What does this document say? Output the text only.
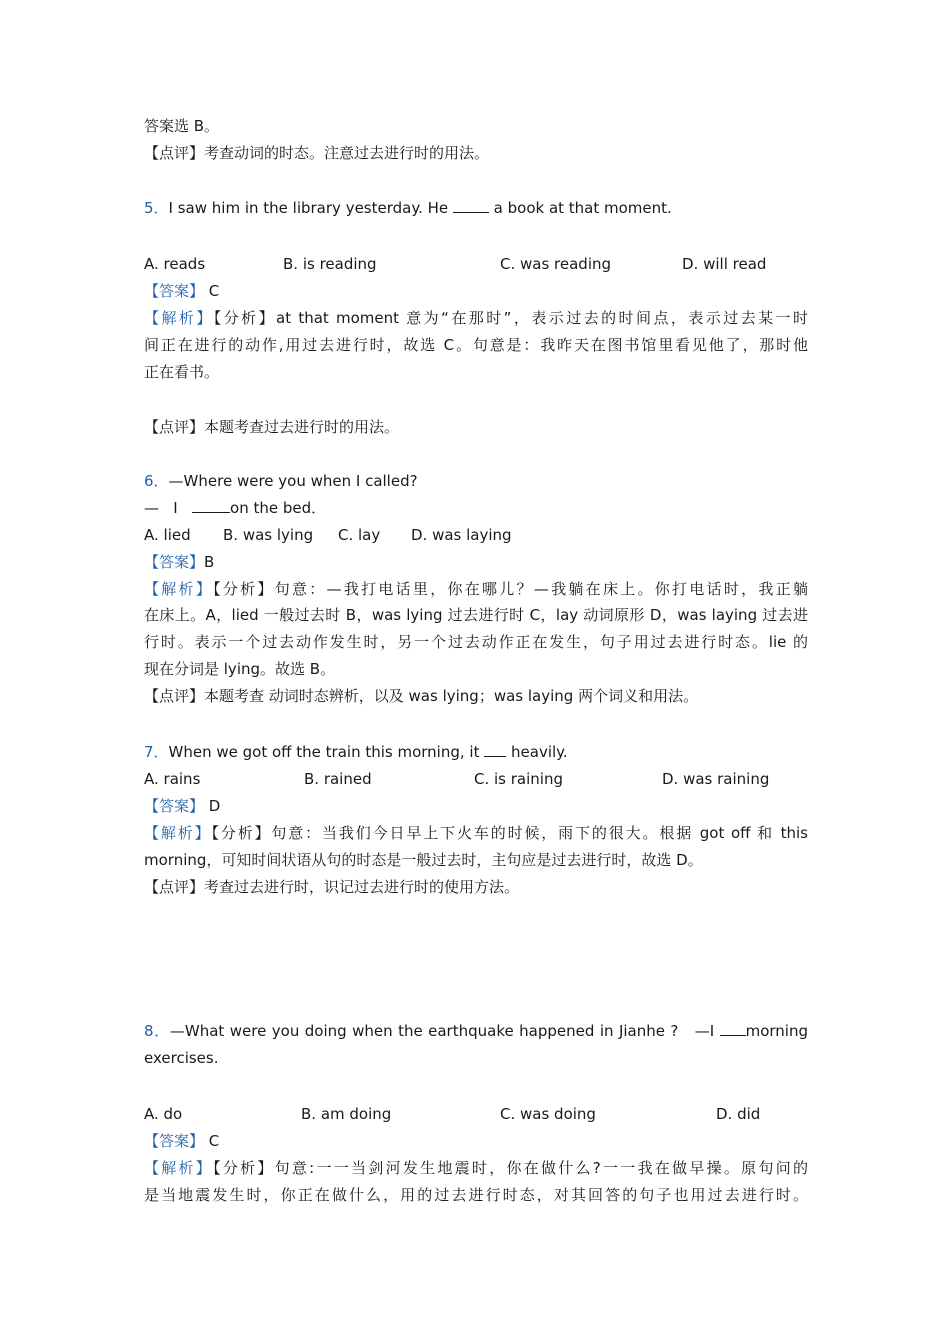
答案选 B。
【点评】考查动词的时态。注意过去进行时的用法。
5．I saw him in the library yesterday. He  a book at that moment.
A. reads	B. is reading	C. was reading	D. will read
【答案】 C
【解析】【分析】at that moment 意为“在那时”，表示过去的时间点，表示过去某一时
间正在进行的动作,用过去进行时，故选 C。句意是：我昨天在图书馆里看见他了，那时他
正在看书。
【点评】本题考查过去进行时的用法。
6．—Where were you when I called?
—   I	on the bed．
A. lied B. was lying C. lay D. was laying
【答案】B
【解析】【分析】句意：—我打电话里，你在哪儿？—我躺在床上。你打电话时，我正躺
在床上。A，lied 一般过去时 B，was lying 过去进行时 C，lay 动词原形 D，was laying 过去进
行时。表示一个过去动作发生时，另一个过去动作正在发生，句子用过去进行时态。lie 的
现在分词是 lying。故选 B。
【点评】本题考查 动词时态辨析，以及 was lying；was laying 两个词义和用法。
7．When we got off the train this morning, it  heavily.
A. rains	B. rained	C. is raining	D. was raining
【答案】 D
【解析】【分析】句意：当我们今日早上下火车的时候，雨下的很大。根据 got off 和 this
morning，可知时间状语从句的时态是一般过去时，主句应是过去进行时，故选 D。
【点评】考查过去进行时，识记过去进行时的使用方法。
8．—What were you doing when the earthquake happened in Jianhe ?   —I morning
exercises.
A. do	B. am doing	C. was doing	D. did
【答案】 C
【解析】【分析】句意:一一当剑河发生地震时，你在做什么?一一我在做早操。原句问的
是当地震发生时，你正在做什么，用的过去进行时态，对其回答的句子也用过去进行时。
